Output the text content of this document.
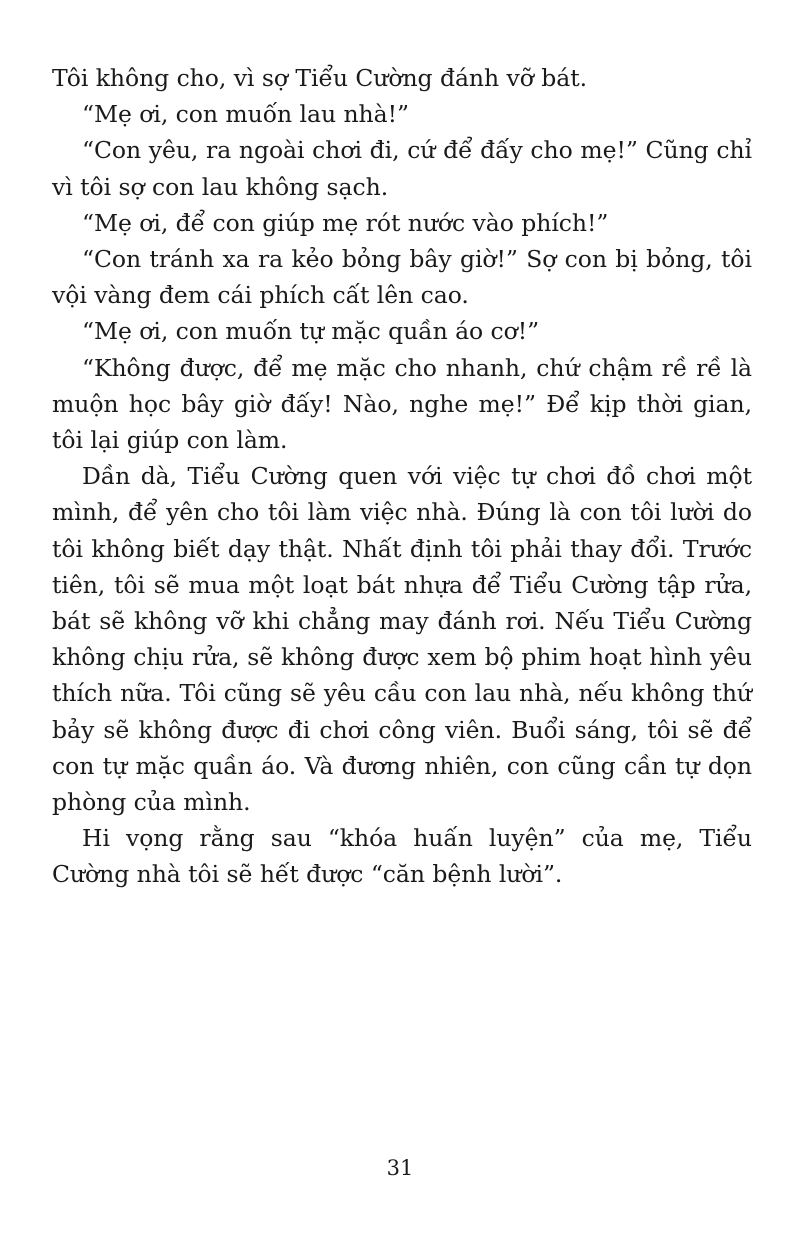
Tôi không cho, vì sợ Tiểu Cường đánh vỡ bát.

“Mẹ ơi, con muốn lau nhà!”

“Con yêu, ra ngoài chơi đi, cứ để đấy cho mẹ!” Cũng chỉ vì tôi sợ con lau không sạch.

“Mẹ ơi, để con giúp mẹ rót nước vào phích!”

“Con tránh xa ra kẻo bỏng bây giờ!” Sợ con bị bỏng, tôi vội vàng đem cái phích cất lên cao.

“Mẹ ơi, con muốn tự mặc quần áo cơ!”

“Không được, để mẹ mặc cho nhanh, chứ chậm rề rề là muộn học bây giờ đấy! Nào, nghe mẹ!” Để kịp thời gian, tôi lại giúp con làm.

Dần dà, Tiểu Cường quen với việc tự chơi đồ chơi một mình, để yên cho tôi làm việc nhà. Đúng là con tôi lười do tôi không biết dạy thật. Nhất định tôi phải thay đổi. Trước tiên, tôi sẽ mua một loạt bát nhựa để Tiểu Cường tập rửa, bát sẽ không vỡ khi chẳng may đánh rơi. Nếu Tiểu Cường không chịu rửa, sẽ không được xem bộ phim hoạt hình yêu thích nữa. Tôi cũng sẽ yêu cầu con lau nhà, nếu không thứ bảy sẽ không được đi chơi công viên. Buổi sáng, tôi sẽ để con tự mặc quần áo. Và đương nhiên, con cũng cần tự dọn phòng của mình.

Hi vọng rằng sau “khóa huấn luyện” của mẹ, Tiểu Cường nhà tôi sẽ hết được “căn bệnh lười”.

31
